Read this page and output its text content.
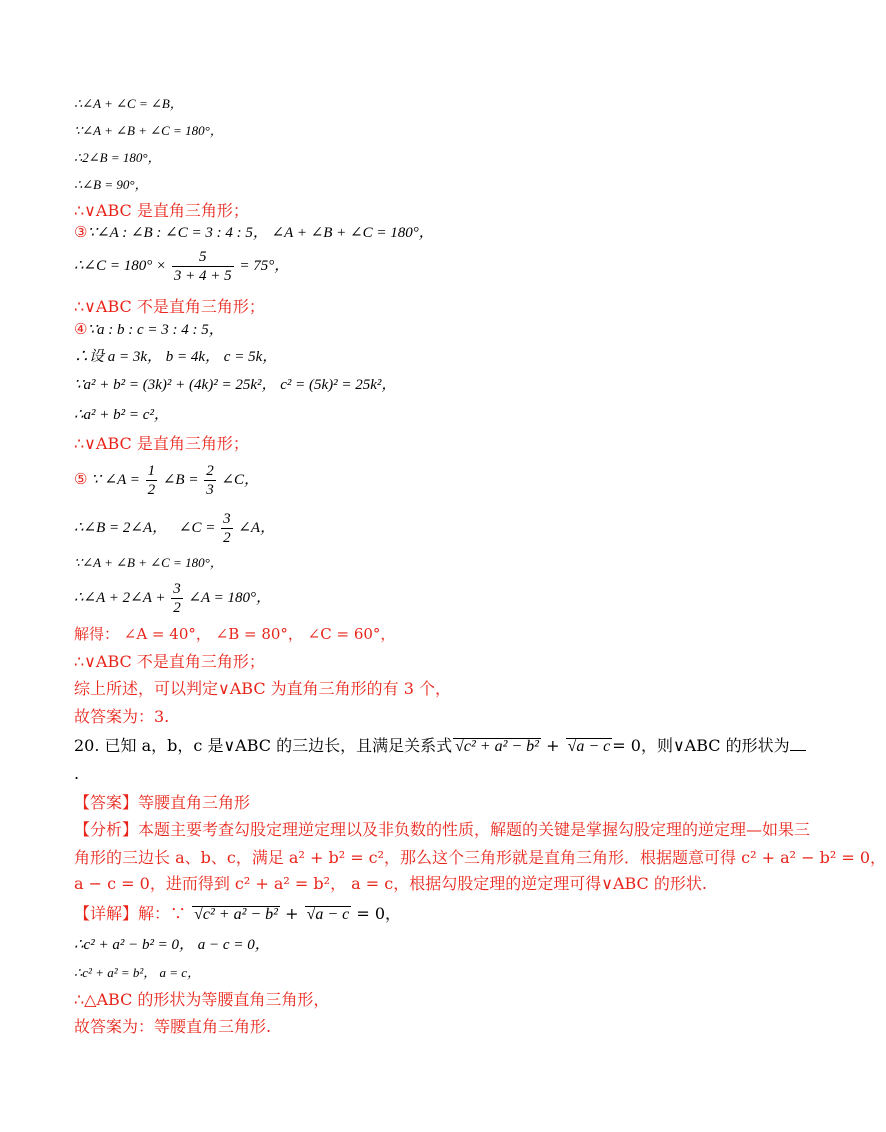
∴∠A + ∠C = ∠B，
∵∠A + ∠B + ∠C = 180°，
∴2∠B = 180°，
∴∠B = 90°，
∴∨ABC 是直角三角形；
③∵∠A : ∠B : ∠C = 3 : 4 : 5， ∠A + ∠B + ∠C = 180°，
∴∠C = $180^\circ \times \frac{5}{3 + 4 + 5} = 75^\circ$，
∴∨ABC 不是直角三角形；
④∵a : b : c = 3 : 4 : 5，
∴设 a = 3k， b = 4k， c = 5k，
∵a² + b² = (3k)² + (4k)² = 25k²， c² = (5k)² = 25k²，
∴a² + b² = c²，
∴∨ABC 是直角三角形；
⑤ ∵ ∠A = $\frac{1}{2}$ ∠B = $\frac{2}{3}$ ∠C，
∴∠B = 2∠A， ∠C = $\frac{3}{2}$ ∠A，
∵∠A + ∠B + ∠C = 180°，
∴∠A + 2∠A + $\frac{3}{2}$ ∠A = 180°，
解得： ∠A = 40°， ∠B = 80°， ∠C = 60°，
∴∨ABC 不是直角三角形；
综上所述，可以判定∨ABC 为直角三角形的有 3 个，
故答案为：3.
20. 已知 a，b，c 是∨ABC 的三边长，且满足关系式 √c² + a² − b² + √a − c = 0，则∨ABC 的形状为
.
【答案】等腰直角三角形
【分析】本题主要考查勾股定理逆定理以及非负数的性质，解题的关键是掌握勾股定理的逆定理—如果三
角形的三边长 a、b、c，满足 a² + b² = c²，那么这个三角形就是直角三角形．根据题意可得 c² + a² − b² = 0，
a − c = 0，进而得到 c² + a² = b²， a = c，根据勾股定理的逆定理可得∨ABC 的形状.
【详解】解：∵ √c² + a² − b² + √a − c = 0，
∴c² + a² − b² = 0， a − c = 0，
∴c² + a² = b²， a = c，
∴△ABC 的形状为等腰直角三角形，
故答案为：等腰直角三角形.
